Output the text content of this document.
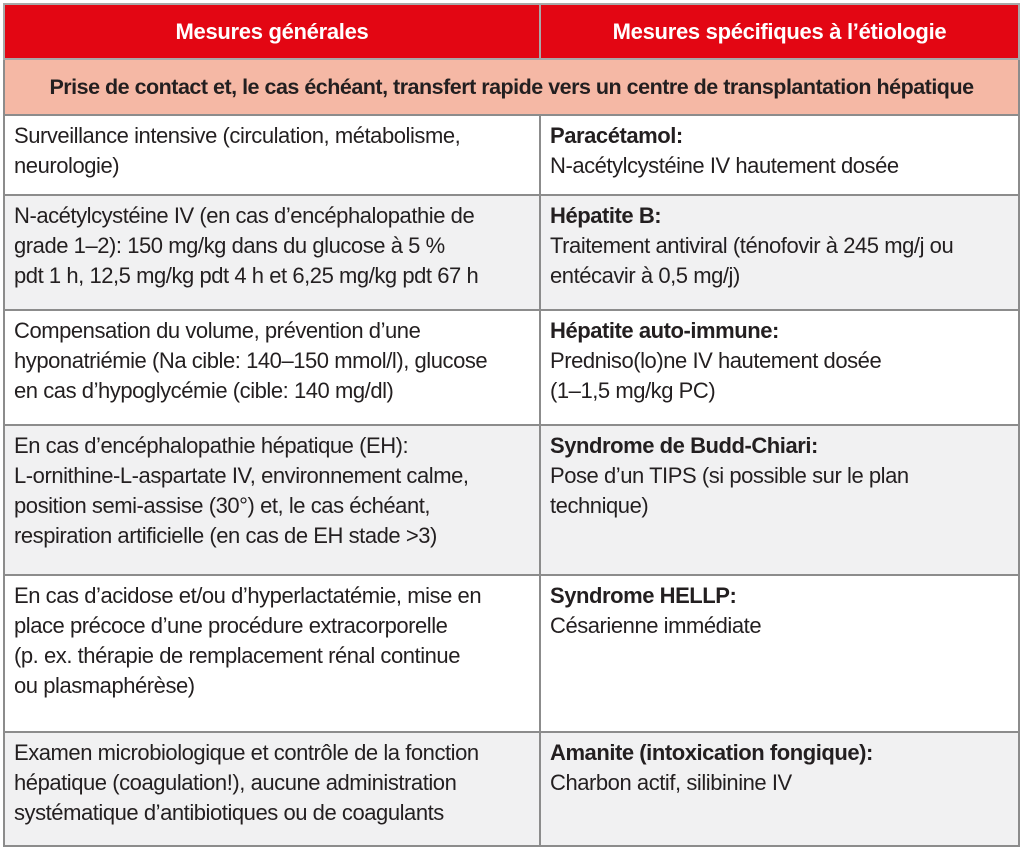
Mesures générales	Mesures spécifiques à l’étiologie
Prise de contact et, le cas échéant, transfert rapide vers un centre de transplantation hépatique	

Surveillance intensive (circulation, métabolisme,
neurologie)	Paracétamol:
N-acétylcystéine IV hautement dosée

N-acétylcystéine IV (en cas d’encéphalopathie de
grade 1–2): 150 mg/kg dans du glucose à 5 %
pdt 1 h, 12,5 mg/kg pdt 4 h et 6,25 mg/kg pdt 67 h	Hépatite B:
Traitement antiviral (ténofovir à 245 mg/j ou
entécavir à 0,5 mg/j)

Compensation du volume, prévention d’une
hyponatriémie (Na cible: 140–150 mmol/l), glucose
en cas d’hypoglycémie (cible: 140 mg/dl)	Hépatite auto-immune:
Predniso(lo)ne IV hautement dosée
(1–1,5 mg/kg PC)

En cas d’encéphalopathie hépatique (EH):
L-ornithine-L-aspartate IV, environnement calme,
position semi-assise (30°) et, le cas échéant,
respiration artificielle (en cas de EH stade >3)	Syndrome de Budd-Chiari:
Pose d’un TIPS (si possible sur le plan
technique)

En cas d’acidose et/ou d’hyperlactatémie, mise en
place précoce d’une procédure extracorporelle
(p. ex. thérapie de remplacement rénal continue
ou plasmaphérèse)	Syndrome HELLP:
Césarienne immédiate

Examen microbiologique et contrôle de la fonction
hépatique (coagulation!), aucune administration
systématique d’antibiotiques ou de coagulants	Amanite (intoxication fongique):
Charbon actif, silibinine IV
